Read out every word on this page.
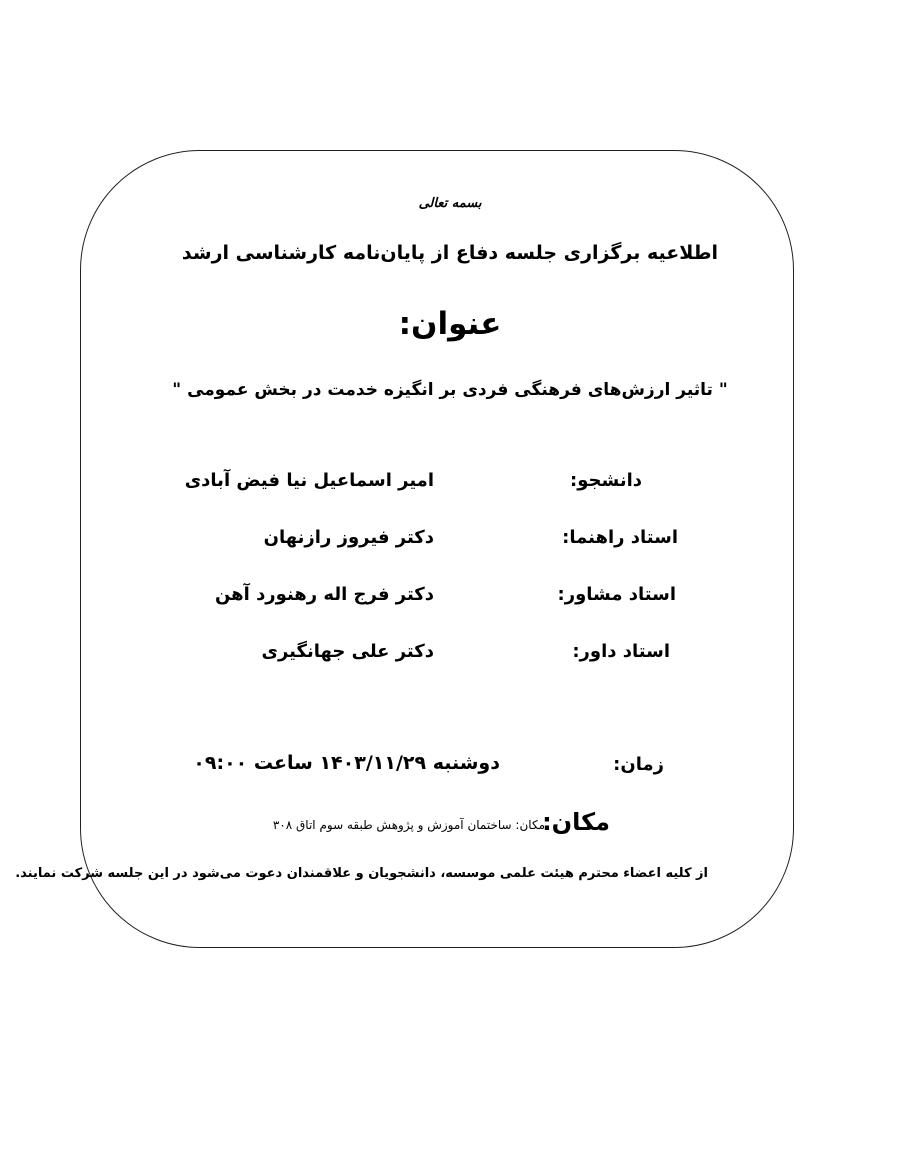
بسمه تعالی
اطلاعیه برگزاری جلسه دفاع از پایان‌نامه کارشناسی ارشد
عنوان:
" تاثیر ارزش‌های فرهنگی فردی بر انگیزه خدمت در بخش عمومی "
دانشجو:
امیر اسماعیل نیا فیض آبادی
استاد راهنما:
دکتر فیروز رازنهان
استاد مشاور:
دکتر فرج اله رهنورد آهن
استاد داور:
دکتر علی جهانگیری
زمان:
دوشنبه ۱۴۰۳/۱۱/۲۹ ساعت ۰۹:۰۰
مکان:
مکان: ساختمان آموزش و پژوهش طبقه سوم اتاق ۳۰۸
از کلیه اعضاء محترم هیئت علمی موسسه، دانشجویان و علاقمندان دعوت می‌شود در این جلسه شرکت نمایند.
